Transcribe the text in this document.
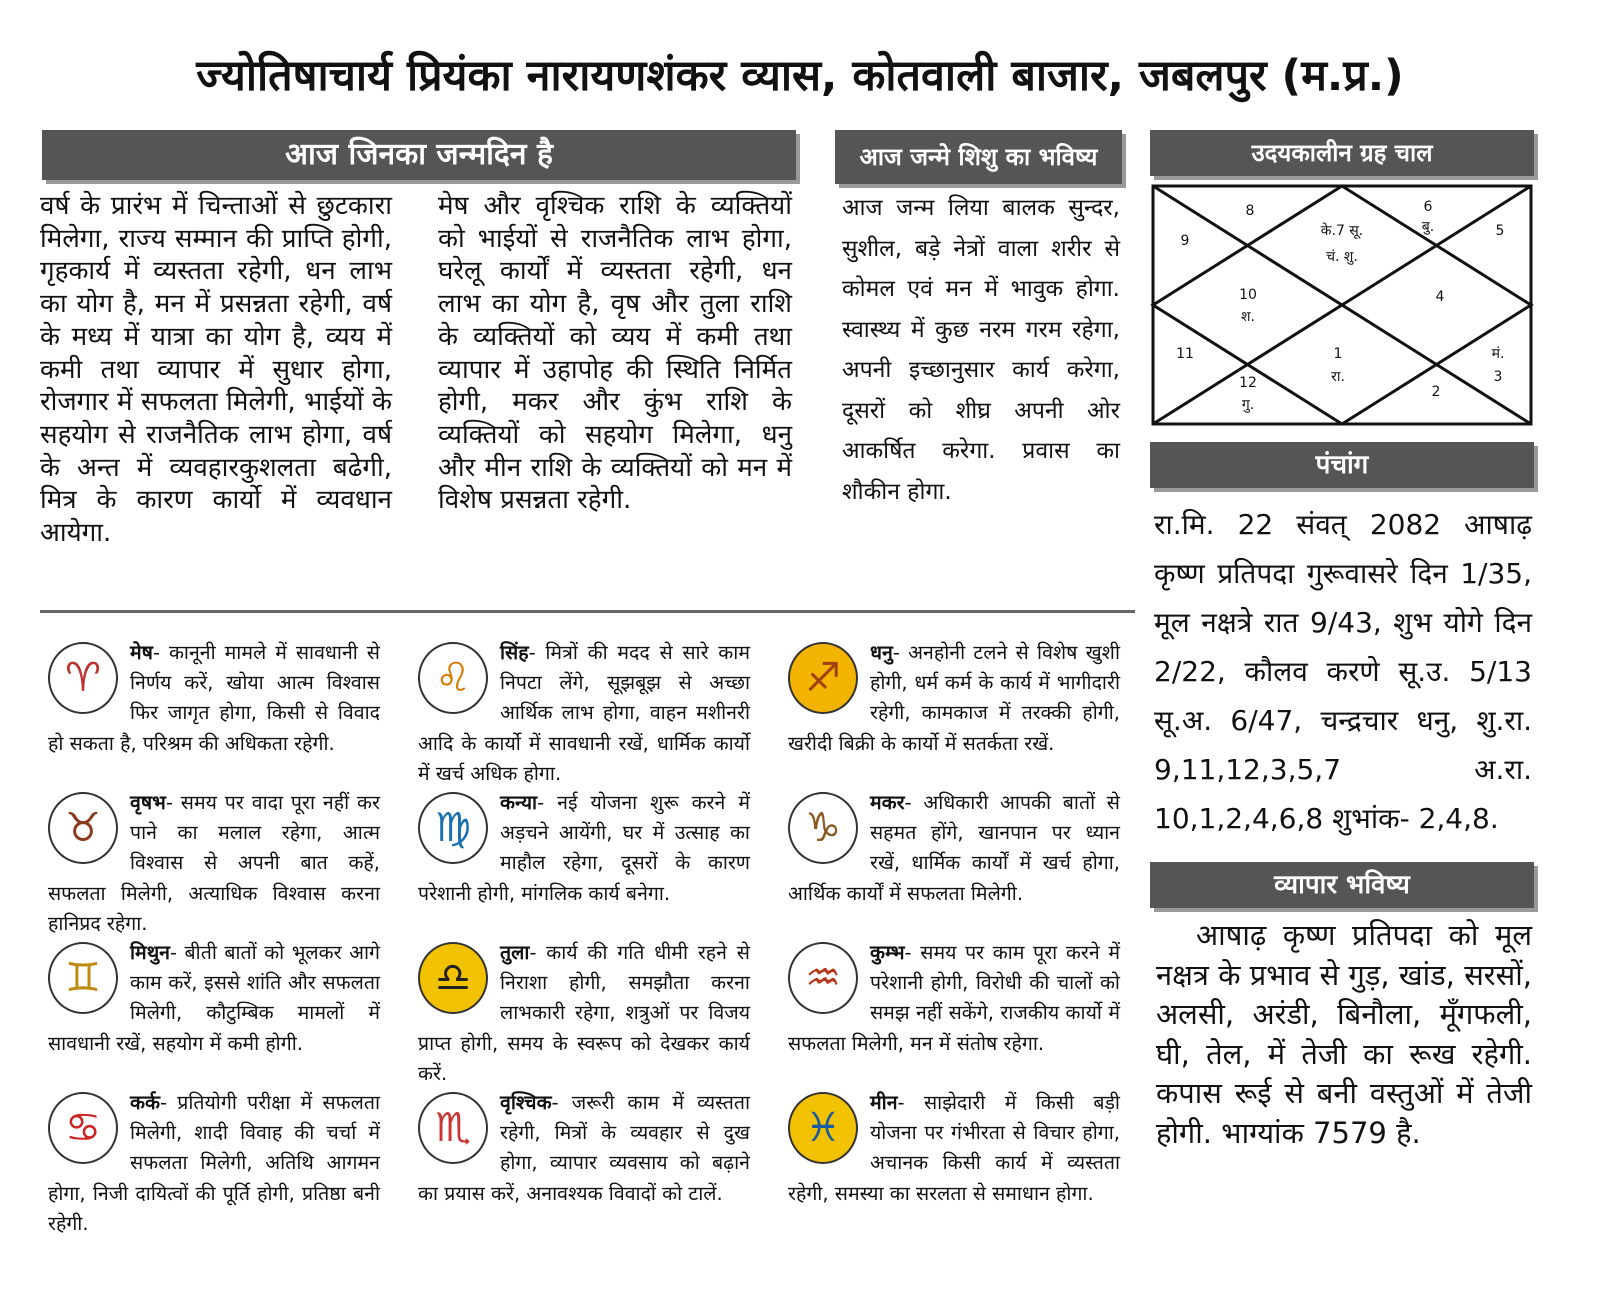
ज्योतिषाचार्य प्रियंका नारायणशंकर व्यास, कोतवाली बाजार, जबलपुर (म.प्र.)
आज जिनका जन्मदिन है
वर्ष के प्रारंभ में चिन्ताओं से छुटकारा मिलेगा, राज्य सम्मान की प्राप्ति होगी, गृहकार्य में व्यस्तता रहेगी, धन लाभ का योग है, मन में प्रसन्नता रहेगी, वर्ष के मध्य में यात्रा का योग है, व्यय में कमी तथा व्यापार में सुधार होगा, रोजगार में सफलता मिलेगी, भाईयों के सहयोग से राजनैतिक लाभ होगा, वर्ष के अन्त में व्यवहारकुशलता बढेगी, मित्र के कारण कार्यो में व्यवधान आयेगा.
मेष और वृश्चिक राशि के व्यक्तियों को भाईयों से राजनैतिक लाभ होगा, घरेलू कार्यों में व्यस्तता रहेगी, धन लाभ का योग है, वृष और तुला राशि के व्यक्तियों को व्यय में कमी तथा व्यापार में उहापोह की स्थिति निर्मित होगी, मकर और कुंभ राशि के व्यक्तियों को सहयोग मिलेगा, धनु और मीन राशि के व्यक्तियों को मन में विशेष प्रसन्नता रहेगी.
आज जन्मे शिशु का भविष्य
आज जन्म लिया बालक सुन्दर, सुशील, बड़े नेत्रों वाला शरीर से कोमल एवं मन में भावुक होगा. स्वास्थ्य में कुछ नरम गरम रहेगा, अपनी इच्छानुसार कार्य करेगा, दूसरों को शीघ्र अपनी ओर आकर्षित करेगा. प्रवास का शौकीन होगा.
उदयकालीन ग्रह चाल
8	6
बु.
9
5
के.7 सू.
चं. शु.
10
श.
4
11	1
रा.
मं.
3
12
गु.
2
पंचांग
रा.मि. 22 संवत् 2082 आषाढ़ कृष्ण प्रतिपदा गुरूवासरे दिन 1/35, मूल नक्षत्रे रात 9/43, शुभ योगे दिन 2/22, कौलव करणे सू.उ. 5/13 सू.अ. 6/47, चन्द्रचार धनु, शु.रा. 9,11,12,3,5,7 अ.रा. 10,1,2,4,6,8 शुभांक- 2,4,8.
व्यापार भविष्य
आषाढ़ कृष्ण प्रतिपदा को मूल नक्षत्र के प्रभाव से गुड़, खांड, सरसों, अलसी, अरंडी, बिनौला, मूँगफली, घी, तेल, में तेजी का रूख रहेगी. कपास रूई से बनी वस्तुओं में तेजी होगी. भाग्यांक 7579 है.
♈
मेष- कानूनी मामले में सावधानी से निर्णय करें, खोया आत्म विश्वास फिर जागृत होगा, किसी से विवाद हो सकता है, परिश्रम की अधिकता रहेगी.
♉
वृषभ- समय पर वादा पूरा नहीं कर पाने का मलाल रहेगा, आत्म विश्वास से अपनी बात कहें, सफलता मिलेगी, अत्याधिक विश्वास करना हानिप्रद रहेगा.
♊
मिथुन- बीती बातों को भूलकर आगे काम करें, इससे शांति और सफलता मिलेगी, कौटुम्बिक मामलों में सावधानी रखें, सहयोग में कमी होगी.
♋
कर्क- प्रतियोगी परीक्षा में सफलता मिलेगी, शादी विवाह की चर्चा में सफलता मिलेगी, अतिथि आगमन होगा, निजी दायित्वों की पूर्ति होगी, प्रतिष्ठा बनी रहेगी.
♌
सिंह- मित्रों की मदद से सारे काम निपटा लेंगे, सूझबूझ से अच्छा आर्थिक लाभ होगा, वाहन मशीनरी आदि के कार्यो में सावधानी रखें, धार्मिक कार्यो में खर्च अधिक होगा.
♍
कन्या- नई योजना शुरू करने में अड़चने आयेंगी, घर में उत्साह का माहौल रहेगा, दूसरों के कारण परेशानी होगी, मांगलिक कार्य बनेगा.
♎
तुला- कार्य की गति धीमी रहने से निराशा होगी, समझौता करना लाभकारी रहेगा, शत्रुओं पर विजय प्राप्त होगी, समय के स्वरूप को देखकर कार्य करें.
♏
वृश्चिक- जरूरी काम में व्यस्तता रहेगी, मित्रों के व्यवहार से दुख होगा, व्यापार व्यवसाय को बढ़ाने का प्रयास करें, अनावश्यक विवादों को टालें.
♐
धनु- अनहोनी टलने से विशेष खुशी होगी, धर्म कर्म के कार्य में भागीदारी रहेगी, कामकाज में तरक्की होगी, खरीदी बिक्री के कार्यो में सतर्कता रखें.
♑
मकर- अधिकारी आपकी बातों से सहमत होंगे, खानपान पर ध्यान रखें, धार्मिक कार्यों में खर्च होगा, आर्थिक कार्यों में सफलता मिलेगी.
♒
कुम्भ- समय पर काम पूरा करने में परेशानी होगी, विरोधी की चालों को समझ नहीं सकेंगे, राजकीय कार्यो में सफलता मिलेगी, मन में संतोष रहेगा.
♓
मीन- साझेदारी में किसी बड़ी योजना पर गंभीरता से विचार होगा, अचानक किसी कार्य में व्यस्तता रहेगी, समस्या का सरलता से समाधान होगा.
